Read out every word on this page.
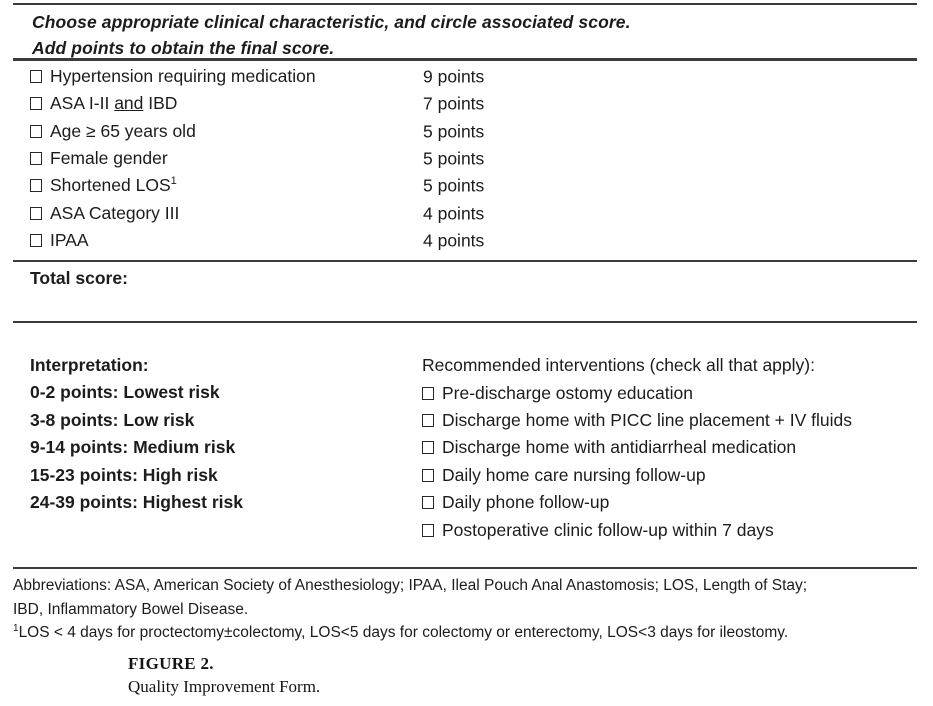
Choose appropriate clinical characteristic, and circle associated score.
Add points to obtain the final score.
Hypertension requiring medication	9 points
ASA I-II and IBD	7 points
Age ≥ 65 years old	5 points
Female gender	5 points
Shortened LOS$^1$	5 points
ASA Category III	4 points
IPAA	4 points
Total score:
Interpretation:
0-2 points: Lowest risk
3-8 points: Low risk
9-14 points: Medium risk
15-23 points: High risk
24-39 points: Highest risk
Recommended interventions (check all that apply):
Pre-discharge ostomy education
Discharge home with PICC line placement + IV fluids
Discharge home with antidiarrheal medication
Daily home care nursing follow-up
Daily phone follow-up
Postoperative clinic follow-up within 7 days
Abbreviations: ASA, American Society of Anesthesiology; IPAA, Ileal Pouch Anal Anastomosis; LOS, Length of Stay;
IBD, Inflammatory Bowel Disease.
$^1$LOS < 4 days for proctectomy±colectomy, LOS<5 days for colectomy or enterectomy, LOS<3 days for ileostomy.
FIGURE 2.
Quality Improvement Form.
